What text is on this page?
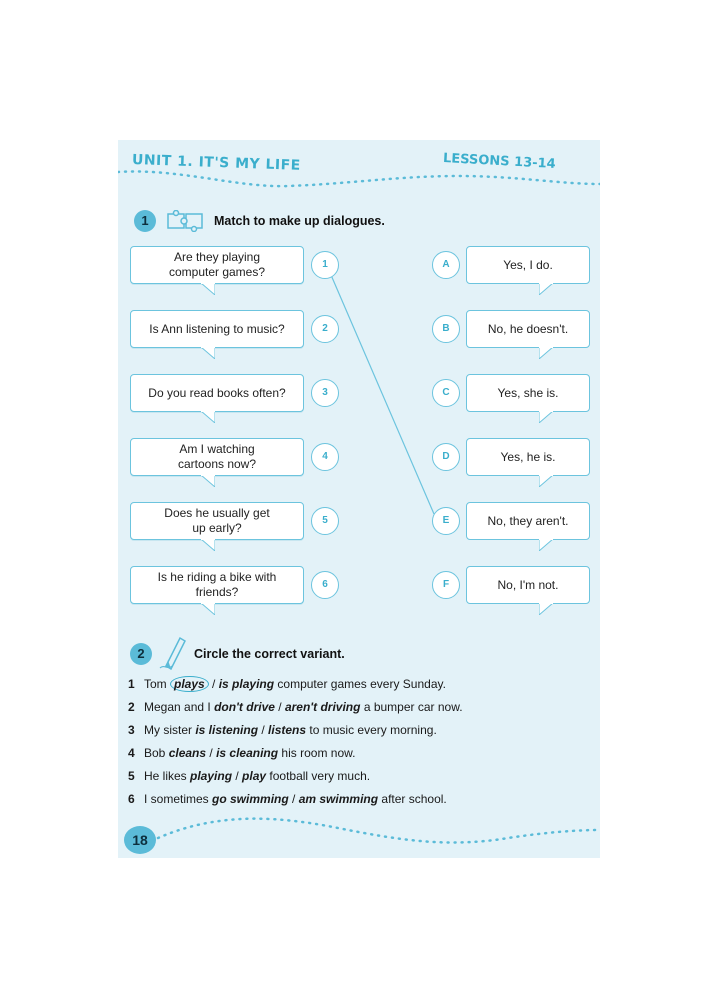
UNIT 1. IT'S MY LIFE	LESSONS 13-14
1	Match to make up dialogues.
Are they playing computer games?
1
Is Ann listening to music?	2
Do you read books often?	3
Am I watching cartoons now?
4
Does he usually get up early?
5
Is he riding a bike with friends?
6
A	Yes, I do.
B	No, he doesn't.
C	Yes, she is.
D	Yes, he is.
E	No, they aren't.
F	No, I'm not.
2	Circle the correct variant.
1 Tom plays / is playing computer games every Sunday.
2 Megan and I don't drive / aren't driving a bumper car now.
3 My sister is listening / listens to music every morning.
4 Bob cleans / is cleaning his room now.
5 He likes playing / play football very much.
6 I sometimes go swimming / am swimming after school.
18
